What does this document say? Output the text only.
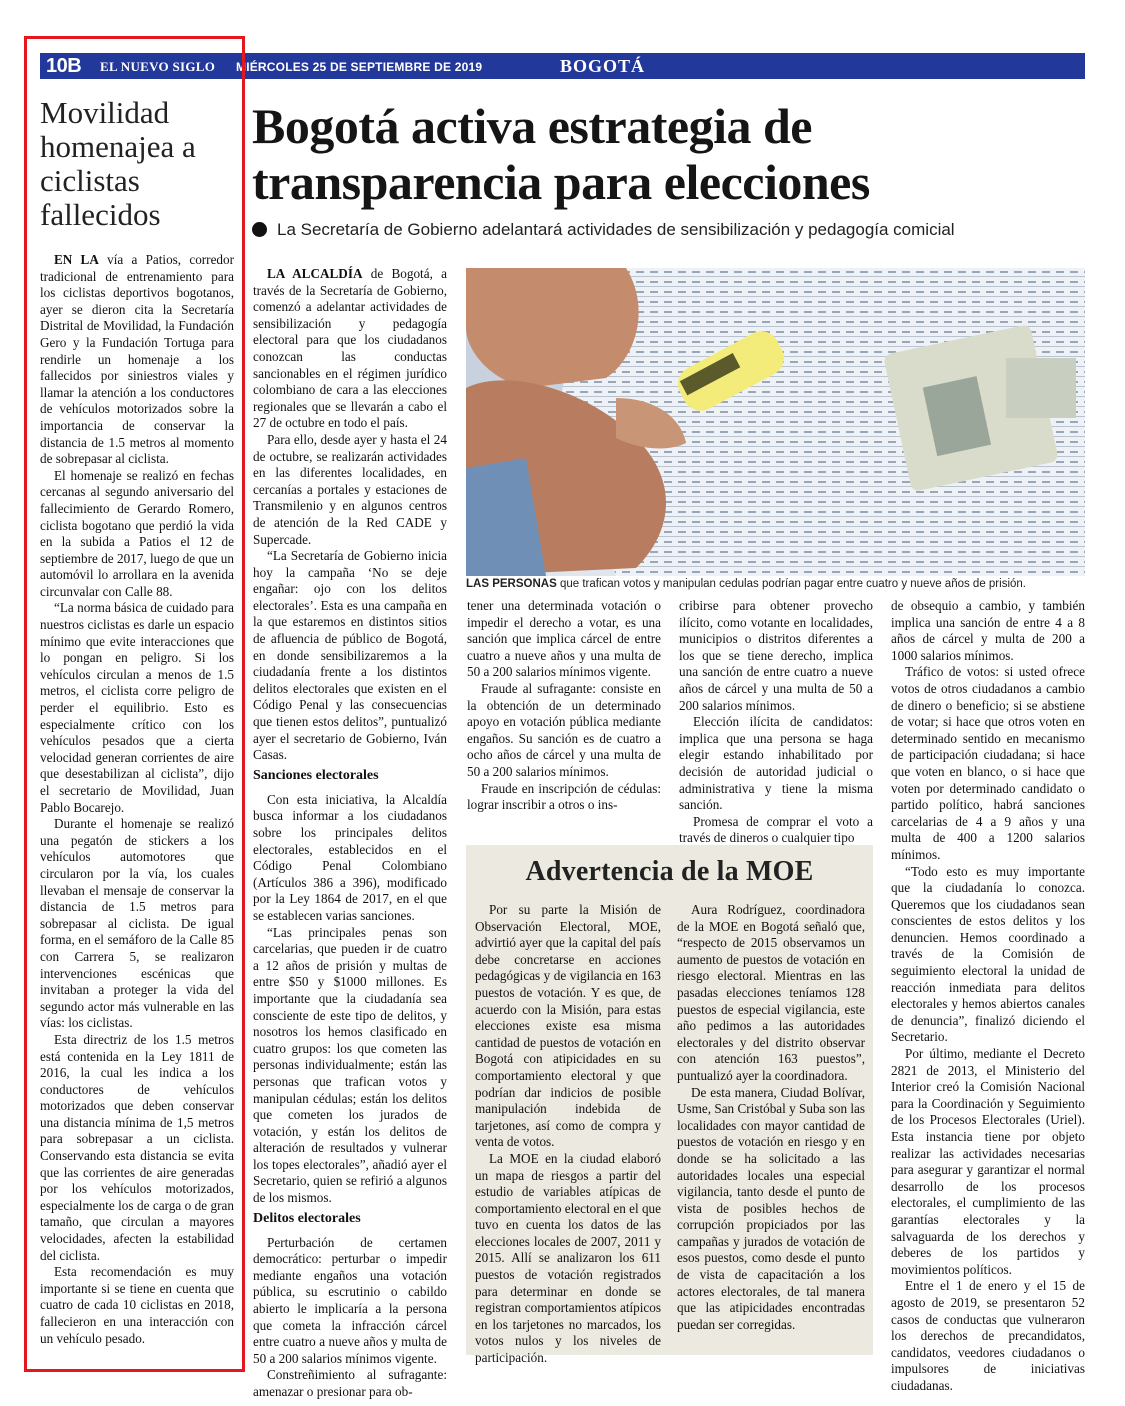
10B EL NUEVO SIGLO MIÉRCOLES 25 DE SEPTIEMBRE DE 2019	BOGOTÁ
Movilidad homenajea a ciclistas fallecidos

EN LA vía a Patios, corredor tradicional de entrenamiento para los ciclistas deportivos bogotanos, ayer se dieron cita la Secretaría Distrital de Movilidad, la Fundación Gero y la Fundación Tortuga para rendirle un homenaje a los fallecidos por siniestros viales y llamar la atención a los conductores de vehículos motorizados sobre la importancia de conservar la distancia de 1.5 metros al momento de sobrepasar al ciclista.

El homenaje se realizó en fechas cercanas al segundo aniversario del fallecimiento de Gerardo Romero, ciclista bogotano que perdió la vida en la subida a Patios el 12 de septiembre de 2017, luego de que un automóvil lo arrollara en la avenida circunvalar con Calle 88.

“La norma básica de cuidado para nuestros ciclistas es darle un espacio mínimo que evite interacciones que lo pongan en peligro. Si los vehículos circulan a menos de 1.5 metros, el ciclista corre peligro de perder el equilibrio. Esto es especialmente crítico con los vehículos pesados que a cierta velocidad generan corrientes de aire que desestabilizan al ciclista”, dijo el secretario de Movilidad, Juan Pablo Bocarejo.

Durante el homenaje se realizó una pegatón de stickers a los vehículos automotores que circularon por la vía, los cuales llevaban el mensaje de conservar la distancia de 1.5 metros para sobrepasar al ciclista. De igual forma, en el semáforo de la Calle 85 con Carrera 5, se realizaron intervenciones escénicas que invitaban a proteger la vida del segundo actor más vulnerable en las vías: los ciclistas.

Esta directriz de los 1.5 metros está contenida en la Ley 1811 de 2016, la cual les indica a los conductores de vehículos motorizados que deben conservar una distancia mínima de 1,5 metros para sobrepasar a un ciclista. Conservando esta distancia se evita que las corrientes de aire generadas por los vehículos motorizados, especialmente los de carga o de gran tamaño, que circulan a mayores velocidades, afecten la estabilidad del ciclista.

Esta recomendación es muy importante si se tiene en cuenta que cuatro de cada 10 ciclistas en 2018, fallecieron en una interacción con un vehículo pesado.

Bogotá activa estrategia de transparencia para elecciones
La Secretaría de Gobierno adelantará actividades de sensibilización y pedagogía comicial

LA ALCALDÍA de Bogotá, a través de la Secretaría de Gobierno, comenzó a adelantar actividades de sensibilización y pedagogía electoral para que los ciudadanos conozcan las conductas sancionables en el régimen jurídico colombiano de cara a las elecciones regionales que se llevarán a cabo el 27 de octubre en todo el país.

Para ello, desde ayer y hasta el 24 de octubre, se realizarán actividades en las diferentes localidades, en cercanías a portales y estaciones de Transmilenio y en algunos centros de atención de la Red CADE y Supercade.

“La Secretaría de Gobierno inicia hoy la campaña ‘No se deje engañar: ojo con los delitos electorales’. Esta es una campaña en la que estaremos en distintos sitios de afluencia de público de Bogotá, en donde sensibilizaremos a la ciudadanía frente a los distintos delitos electorales que existen en el Código Penal y las consecuencias que tienen estos delitos”, puntualizó ayer el secretario de Gobierno, Iván Casas.

Sanciones electorales

Con esta iniciativa, la Alcaldía busca informar a los ciudadanos sobre los principales delitos electorales, establecidos en el Código Penal Colombiano (Artículos 386 a 396), modificado por la Ley 1864 de 2017, en el que se establecen varias sanciones.

“Las principales penas son carcelarias, que pueden ir de cuatro a 12 años de prisión y multas de entre $50 y $1000 millones. Es importante que la ciudadanía sea consciente de este tipo de delitos, y nosotros los hemos clasificado en cuatro grupos: los que cometen las personas individualmente; están las personas que trafican votos y manipulan cédulas; están los delitos que cometen los jurados de votación, y están los delitos de alteración de resultados y vulnerar los topes electorales”, añadió ayer el Secretario, quien se refirió a algunos de los mismos.

Delitos electorales

Perturbación de certamen democrático: perturbar o impedir mediante engaños una votación pública, su escrutinio o cabildo abierto le implicaría a la persona que cometa la infracción cárcel entre cuatro a nueve años y multa de 50 a 200 salarios mínimos vigente.

Constreñimiento al sufragante: amenazar o presionar para ob-

LAS PERSONAS que trafican votos y manipulan cedulas podrían pagar entre cuatro y nueve años de prisión.

tener una determinada votación o impedir el derecho a votar, es una sanción que implica cárcel de entre cuatro a nueve años y una multa de 50 a 200 salarios mínimos vigente.

Fraude al sufragante: consiste en la obtención de un determinado apoyo en votación pública mediante engaños. Su sanción es de cuatro a ocho años de cárcel y una multa de 50 a 200 salarios mínimos.

Fraude en inscripción de cédulas: lograr inscribir a otros o ins-

cribirse para obtener provecho ilícito, como votante en localidades, municipios o distritos diferentes a los que se tiene derecho, implica una sanción de entre cuatro a nueve años de cárcel y una multa de 50 a 200 salarios mínimos.

Elección ilícita de candidatos: implica que una persona se haga elegir estando inhabilitado por decisión de autoridad judicial o administrativa y tiene la misma sanción.

Promesa de comprar el voto a través de dineros o cualquier tipo

de obsequio a cambio, y también implica una sanción de entre 4 a 8 años de cárcel y multa de 200 a 1000 salarios mínimos.

Tráfico de votos: si usted ofrece votos de otros ciudadanos a cambio de dinero o beneficio; si se abstiene de votar; si hace que otros voten en determinado sentido en mecanismo de participación ciudadana; si hace que voten en blanco, o si hace que voten por determinado candidato o partido político, habrá sanciones carcelarias de 4 a 9 años y una multa de 400 a 1200 salarios mínimos.

“Todo esto es muy importante que la ciudadanía lo conozca. Queremos que los ciudadanos sean conscientes de estos delitos y los denuncien. Hemos coordinado a través de la Comisión de seguimiento electoral la unidad de reacción inmediata para delitos electorales y hemos abiertos canales de denuncia”, finalizó diciendo el Secretario.

Por último, mediante el Decreto 2821 de 2013, el Ministerio del Interior creó la Comisión Nacional para la Coordinación y Seguimiento de los Procesos Electorales (Uriel). Esta instancia tiene por objeto realizar las actividades necesarias para asegurar y garantizar el normal desarrollo de los procesos electorales, el cumplimiento de las garantías electorales y la salvaguarda de los derechos y deberes de los partidos y movimientos políticos.

Entre el 1 de enero y el 15 de agosto de 2019, se presentaron 52 casos de conductas que vulneraron los derechos de precandidatos, candidatos, veedores ciudadanos o impulsores de iniciativas ciudadanas.

Advertencia de la MOE

Por su parte la Misión de Observación Electoral, MOE, advirtió ayer que la capital del país debe concretarse en acciones pedagógicas y de vigilancia en 163 puestos de votación. Y es que, de acuerdo con la Misión, para estas elecciones existe esa misma cantidad de puestos de votación en Bogotá con atipicidades en su comportamiento electoral y que podrían dar indicios de posible manipulación indebida de tarjetones, así como de compra y venta de votos.

La MOE en la ciudad elaboró un mapa de riesgos a partir del estudio de variables atípicas de comportamiento electoral en el que tuvo en cuenta los datos de las elecciones locales de 2007, 2011 y 2015. Allí se analizaron los 611 puestos de votación registrados para determinar en donde se registran comportamientos atípicos en los tarjetones no marcados, los votos nulos y los niveles de participación.

Aura Rodríguez, coordinadora de la MOE en Bogotá señaló que, “respecto de 2015 observamos un aumento de puestos de votación en riesgo electoral. Mientras en las pasadas elecciones teníamos 128 puestos de especial vigilancia, este año pedimos a las autoridades electorales y del distrito observar con atención 163 puestos”, puntualizó ayer la coordinadora.

De esta manera, Ciudad Bolívar, Usme, San Cristóbal y Suba son las localidades con mayor cantidad de puestos de votación en riesgo y en donde se ha solicitado a las autoridades locales una especial vigilancia, tanto desde el punto de vista de posibles hechos de corrupción propiciados por las campañas y jurados de votación de esos puestos, como desde el punto de vista de capacitación a los actores electorales, de tal manera que las atipicidades encontradas puedan ser corregidas.
